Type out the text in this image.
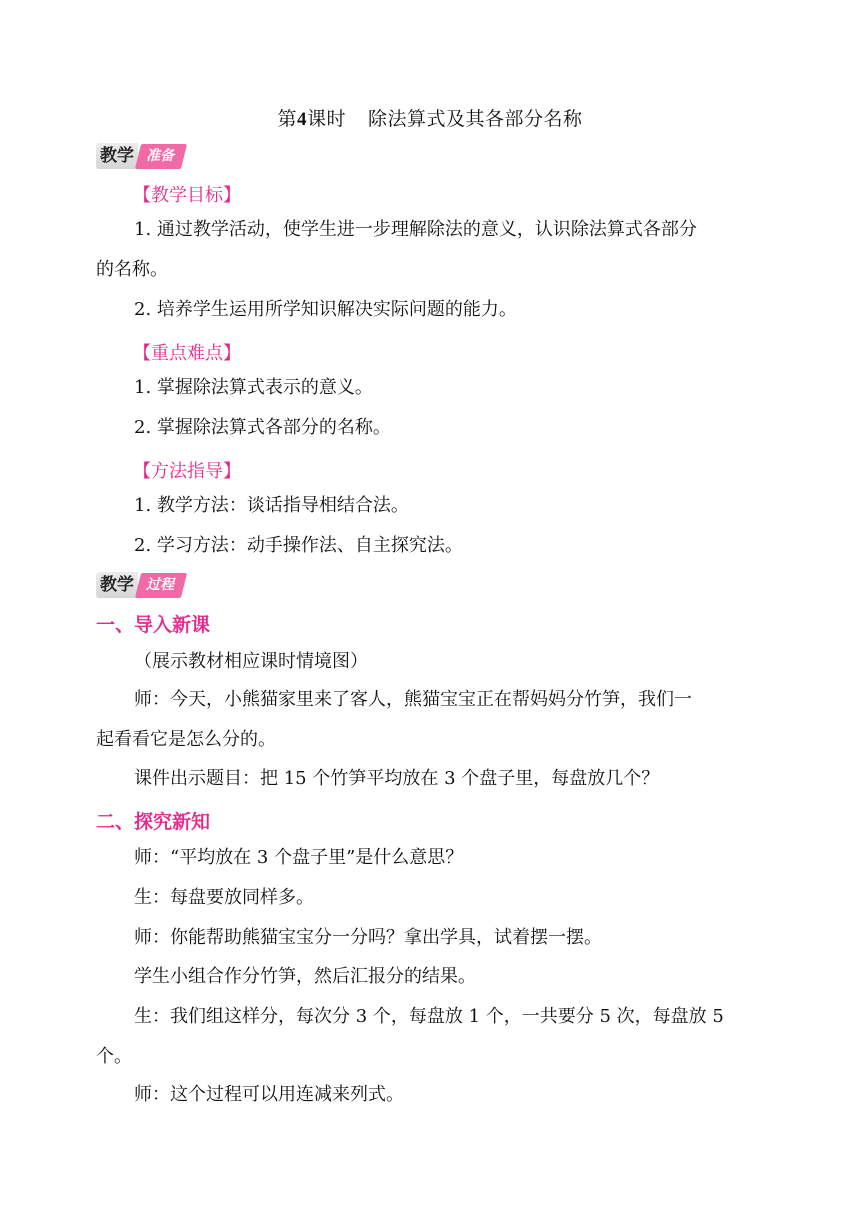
第4课时 除法算式及其各部分名称
教学 准备
【教学目标】
1. 通过教学活动，使学生进一步理解除法的意义，认识除法算式各部分
的名称。
2. 培养学生运用所学知识解决实际问题的能力。
【重点难点】
1. 掌握除法算式表示的意义。
2. 掌握除法算式各部分的名称。
【方法指导】
1. 教学方法：谈话指导相结合法。
2. 学习方法：动手操作法、自主探究法。
教学 过程
一、导入新课
（展示教材相应课时情境图）
师：今天，小熊猫家里来了客人，熊猫宝宝正在帮妈妈分竹笋，我们一
起看看它是怎么分的。
课件出示题目：把 15 个竹笋平均放在 3 个盘子里，每盘放几个？
二、探究新知
师：“平均放在 3 个盘子里”是什么意思？
生：每盘要放同样多。
师：你能帮助熊猫宝宝分一分吗？拿出学具，试着摆一摆。
学生小组合作分竹笋，然后汇报分的结果。
生：我们组这样分，每次分 3 个，每盘放 1 个，一共要分 5 次，每盘放 5
个。
师：这个过程可以用连减来列式。
